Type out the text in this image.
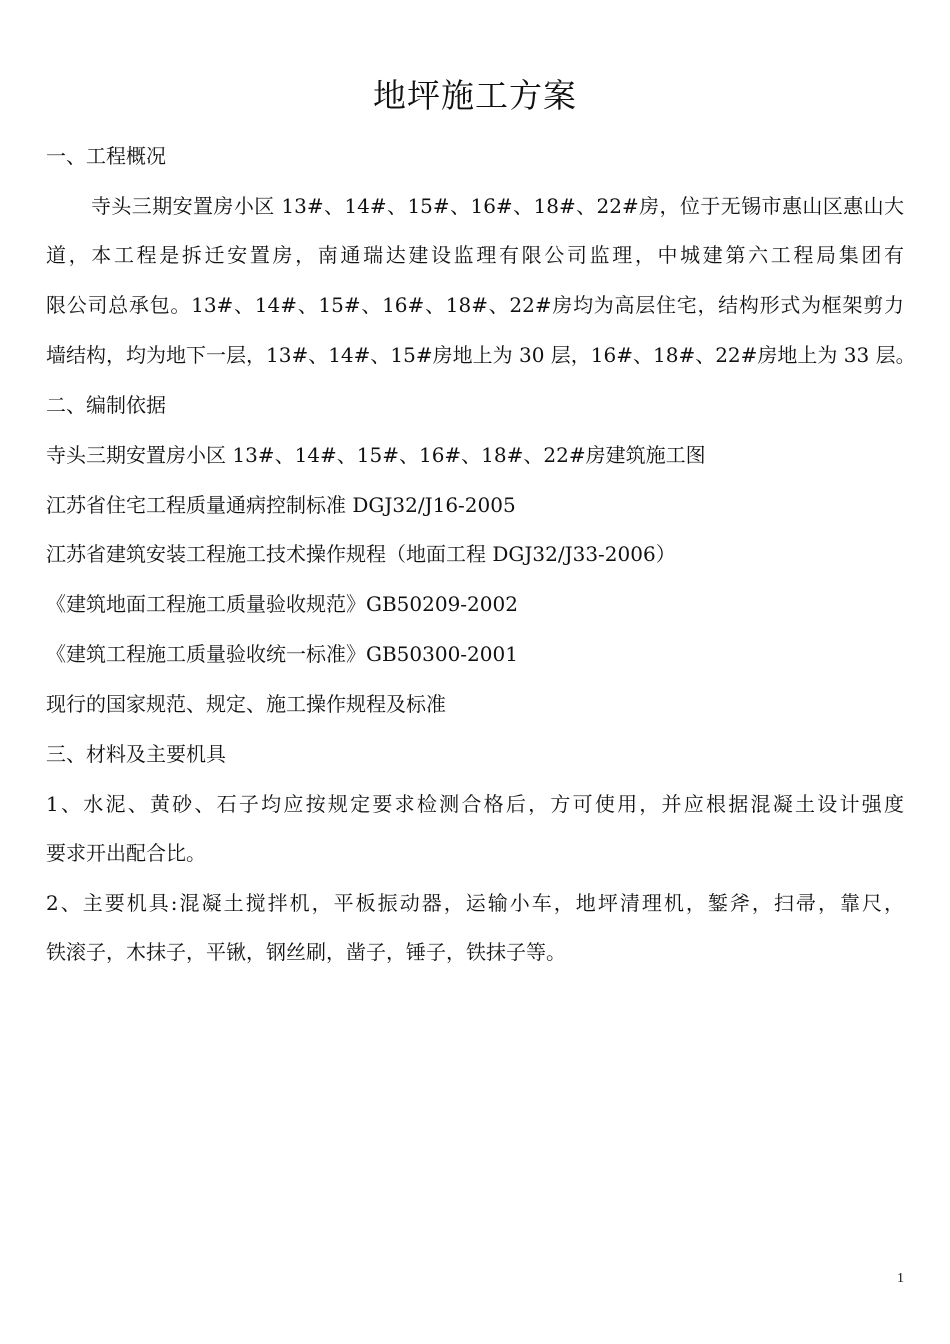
地坪施工方案
一、工程概况
寺头三期安置房小区 13#、14#、15#、16#、18#、22#房，位于无锡市惠山区惠山大
道，本工程是拆迁安置房，南通瑞达建设监理有限公司监理，中城建第六工程局集团有
限公司总承包。13#、14#、15#、16#、18#、22#房均为高层住宅，结构形式为框架剪力
墙结构，均为地下一层，13#、14#、15#房地上为 30 层，16#、18#、22#房地上为 33 层。
二、编制依据
寺头三期安置房小区 13#、14#、15#、16#、18#、22#房建筑施工图
江苏省住宅工程质量通病控制标准 DGJ32/J16-2005
江苏省建筑安装工程施工技术操作规程（地面工程 DGJ32/J33-2006）
《建筑地面工程施工质量验收规范》GB50209-2002
《建筑工程施工质量验收统一标准》GB50300-2001
现行的国家规范、规定、施工操作规程及标准
三、材料及主要机具
1、水泥、黄砂、石子均应按规定要求检测合格后，方可使用，并应根据混凝土设计强度
要求开出配合比。
2、主要机具:混凝土搅拌机，平板振动器，运输小车，地坪清理机，錾斧，扫帚，靠尺，
铁滚子，木抹子，平锹，钢丝刷，凿子，锤子，铁抹子等。
1
